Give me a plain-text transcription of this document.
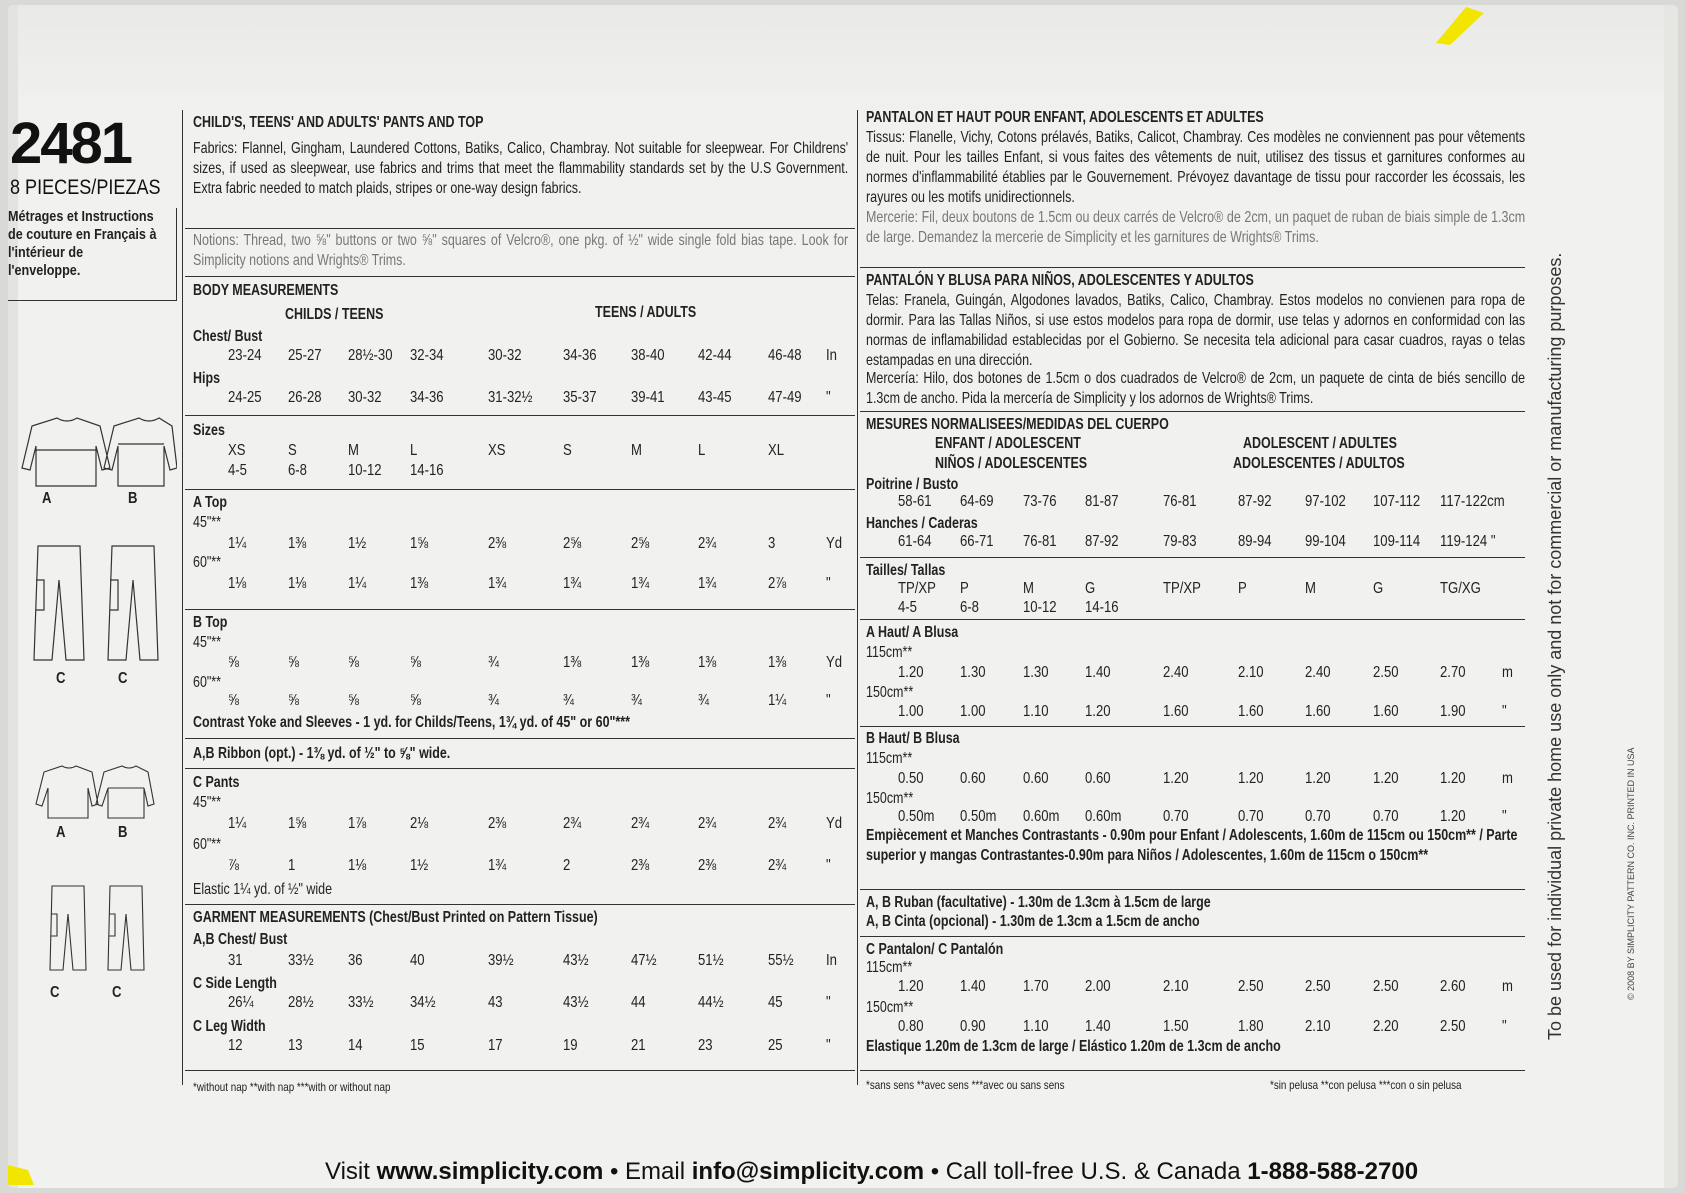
2481
8 PIECES/PIEZAS
Métrages et Instructions
de couture en Français à
l'intérieur de
l'enveloppe.
A	B
C	C
A	B
C	C
CHILD'S, TEENS' AND ADULTS' PANTS AND TOP
Fabrics: Flannel, Gingham, Laundered Cottons, Batiks, Calico, Chambray. Not suitable for sleepwear. For Childrens' sizes, if used as sleepwear, use fabrics and trims that meet the flammability standards set by the U.S Government. Extra fabric needed to match plaids, stripes or one-way design fabrics.
Notions: Thread, two ⅝" buttons or two ⅝" squares of Velcro®, one pkg. of ½" wide single fold bias tape. Look for Simplicity notions and Wrights® Trims.
BODY MEASUREMENTS
CHILDS / TEENS	TEENS / ADULTS
Chest/ Bust
23-24 25-27 28½-30 32-34	30-32	34-36 38-40 42-44 46-48 In
Hips
24-25 26-28 30-32 34-36	31-32½ 35-37 39-41 43-45 47-49 "
Sizes
XS	S	M	L	XS	S	M	L	XL
4-5	6-8	10-12 14-16
A Top
45"**
1¼	1⅜	1½	1⅝	2⅜	2⅝	2⅝	2¾	3	Yd
60"**
1⅛	1⅛	1¼	1⅜	1¾	1¾	1¾	1¾	2⅞ "
B Top
45"**
⅝	⅝	⅝	⅝	¾	1⅜	1⅜	1⅜	1⅜ Yd
60"**
⅝	⅝	⅝	⅝	¾	¾	¾	¾	1¼ "
Contrast Yoke and Sleeves - 1 yd. for Childs/Teens, 1¾ yd. of 45" or 60"***
A,B Ribbon (opt.) - 1⅜ yd. of ½" to ⅝" wide.
C Pants
45"**
1¼	1⅝	1⅞	2⅛	2⅜	2¾	2¾	2¾	2¾ Yd
60"**
⅞	1	1⅛	1½	1¾	2	2⅜	2⅜	2¾ "
Elastic 1¼ yd. of ½" wide
GARMENT MEASUREMENTS (Chest/Bust Printed on Pattern Tissue)
A,B Chest/ Bust
31	33½ 36	40	39½	43½	47½	51½	55½ In
C Side Length
26¼ 28½ 33½ 34½	43	43½	44	44½	45	"
C Leg Width
12	13	14	15	17	19	21	23	25	"
*without nap **with nap ***with or without nap
PANTALON ET HAUT POUR ENFANT, ADOLESCENTS ET ADULTES
Tissus: Flanelle, Vichy, Cotons prélavés, Batiks, Calicot, Chambray. Ces modèles ne conviennent pas pour vêtements de nuit. Pour les tailles Enfant, si vous faites des vêtements de nuit, utilisez des tissus et garnitures conformes au normes d'inflammabilité établies par le Gouvernement. Prévoyez davantage de tissu pour raccorder les écossais, les rayures ou les motifs unidirectionnels.
Mercerie: Fil, deux boutons de 1.5cm ou deux carrés de Velcro® de 2cm, un paquet de ruban de biais simple de 1.3cm de large. Demandez la mercerie de Simplicity et les garnitures de Wrights® Trims.
PANTALÓN Y BLUSA PARA NIÑOS, ADOLESCENTES Y ADULTOS
Telas: Franela, Guingán, Algodones lavados, Batiks, Calico, Chambray. Estos modelos no convienen para ropa de dormir. Para las Tallas Niños, si use estos modelos para ropa de dormir, use telas y adornos en conformidad con las normas de inflamabilidad establecidas por el Gobierno. Se necesita tela adicional para casar cuadros, rayas o telas estampadas en una dirección.
Mercería: Hilo, dos botones de 1.5cm o dos cuadrados de Velcro® de 2cm, un paquete de cinta de biés sencillo de 1.3cm de ancho. Pida la mercería de Simplicity y los adornos de Wrights® Trims.
MESURES NORMALISEES/MEDIDAS DEL CUERPO
ENFANT / ADOLESCENT
NIÑOS / ADOLESCENTES
ADOLESCENT / ADULTES
ADOLESCENTES / ADULTOS
Poitrine / Busto
58-61 64-69 73-76 81-87	76-81	87-92 97-102 107-112 117-122cm
Hanches / Caderas
61-64 66-71 76-81 87-92	79-83	89-94 99-104 109-114 119-124 "
Tailles/ Tallas
TP/XP P	M	G	TP/XP P	M	G	TG/XG
4-5	6-8	10-12 14-16
A Haut/ A Blusa
115cm**
1.20 1.30 1.30 1.40	2.40	2.10	2.40	2.50	2.70 m
150cm**
1.00 1.00 1.10 1.20	1.60	1.60	1.60	1.60	1.90 "
B Haut/ B Blusa
115cm**
0.50 0.60 0.60 0.60	1.20	1.20	1.20	1.20	1.20 m
150cm**
0.50m 0.50m 0.60m 0.60m	0.70	0.70	0.70	0.70	1.20 "
Empiècement et Manches Contrastants - 0.90m pour Enfant / Adolescents, 1.60m de 115cm ou 150cm** / Parte superior y mangas Contrastantes-0.90m para Niños / Adolescentes, 1.60m de 115cm o 150cm**
A, B Ruban (facultative) - 1.30m de 1.3cm à 1.5cm de large
A, B Cinta (opcional) - 1.30m de 1.3cm a 1.5cm de ancho
C Pantalon/ C Pantalón
115cm**
1.20 1.40 1.70 2.00	2.10	2.50	2.50	2.50	2.60 m
150cm**
0.80 0.90 1.10 1.40	1.50	1.80	2.10	2.20	2.50 "
Elastique 1.20m de 1.3cm de large / Elástico 1.20m de 1.3cm de ancho
*sans sens **avec sens ***avec ou sans sens	*sin pelusa **con pelusa ***con o sin pelusa
To be used for individual private home use only and not for commercial or manufacturing purposes.	© 2008 BY SIMPLICITY PATTERN CO. INC. PRINTED IN USA
Visit www.simplicity.com • Email info@simplicity.com • Call toll-free U.S. & Canada 1-888-588-2700
